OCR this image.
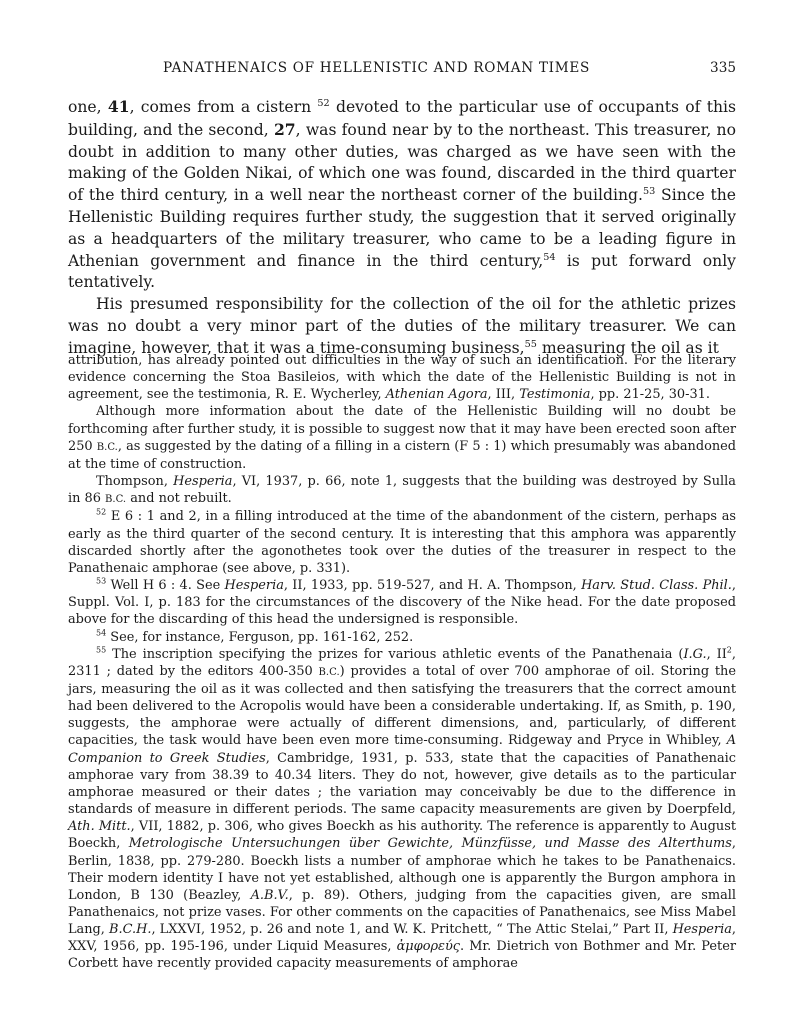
PANATHENAICS OF HELLENISTIC AND ROMAN TIMES	335

one, 41, comes from a cistern $^{52}$ devoted to the particular use of occupants of this building, and the second, 27, was found near by to the northeast. This treasurer, no doubt in addition to many other duties, was charged as we have seen with the making of the Golden Nikai, of which one was found, discarded in the third quarter of the third century, in a well near the northeast corner of the building.$^{53}$ Since the Hellenistic Building requires further study, the suggestion that it served originally as a headquarters of the military treasurer, who came to be a leading figure in Athenian government and finance in the third century,$^{54}$ is put forward only tentatively.

His presumed responsibility for the collection of the oil for the athletic prizes was no doubt a very minor part of the duties of the military treasurer. We can imagine, however, that it was a time-consuming business,$^{55}$ measuring the oil as it

attribution, has already pointed out difficulties in the way of such an identification. For the literary evidence concerning the Stoa Basileios, with which the date of the Hellenistic Building is not in agreement, see the testimonia, R. E. Wycherley, Athenian Agora, III, Testimonia, pp. 21-25, 30-31.

Although more information about the date of the Hellenistic Building will no doubt be forthcoming after further study, it is possible to suggest now that it may have been erected soon after 250 B.C., as suggested by the dating of a filling in a cistern (F 5 : 1) which presumably was abandoned at the time of construction.

Thompson, Hesperia, VI, 1937, p. 66, note 1, suggests that the building was destroyed by Sulla in 86 B.C. and not rebuilt.

$^{52}$ E 6 : 1 and 2, in a filling introduced at the time of the abandonment of the cistern, perhaps as early as the third quarter of the second century. It is interesting that this amphora was apparently discarded shortly after the agonothetes took over the duties of the treasurer in respect to the Panathenaic amphorae (see above, p. 331).

$^{53}$ Well H 6 : 4. See Hesperia, II, 1933, pp. 519-527, and H. A. Thompson, Harv. Stud. Class. Phil., Suppl. Vol. I, p. 183 for the circumstances of the discovery of the Nike head. For the date proposed above for the discarding of this head the undersigned is responsible.

$^{54}$ See, for instance, Ferguson, pp. 161-162, 252.

$^{55}$ The inscription specifying the prizes for various athletic events of the Panathenaia (I.G., $II^2$, 2311 ; dated by the editors 400-350 B.C.) provides a total of over 700 amphorae of oil. Storing the jars, measuring the oil as it was collected and then satisfying the treasurers that the correct amount had been delivered to the Acropolis would have been a considerable undertaking. If, as Smith, p. 190, suggests, the amphorae were actually of different dimensions, and, particularly, of different capacities, the task would have been even more time-consuming. Ridgeway and Pryce in Whibley, A Companion to Greek Studies, Cambridge, 1931, p. 533, state that the capacities of Panathenaic amphorae vary from 38.39 to 40.34 liters. They do not, however, give details as to the particular amphorae measured or their dates ; the variation may conceivably be due to the difference in standards of measure in different periods. The same capacity measurements are given by Doerpfeld, Ath. Mitt., VII, 1882, p. 306, who gives Boeckh as his authority. The reference is apparently to August Boeckh, Metrologische Untersuchungen über Gewichte, Münzfüsse, und Masse des Alterthums, Berlin, 1838, pp. 279-280. Boeckh lists a number of amphorae which he takes to be Panathenaics. Their modern identity I have not yet established, although one is apparently the Burgon amphora in London, B 130 (Beazley, A.B.V., p. 89). Others, judging from the capacities given, are small Panathenaics, not prize vases. For other comments on the capacities of Panathenaics, see Miss Mabel Lang, B.C.H., LXXVI, 1952, p. 26 and note 1, and W. K. Pritchett, “ The Attic Stelai,” Part II, Hesperia, XXV, 1956, pp. 195-196, under Liquid Measures, ἀμφορεύς. Mr. Dietrich von Bothmer and Mr. Peter Corbett have recently provided capacity measurements of amphorae
